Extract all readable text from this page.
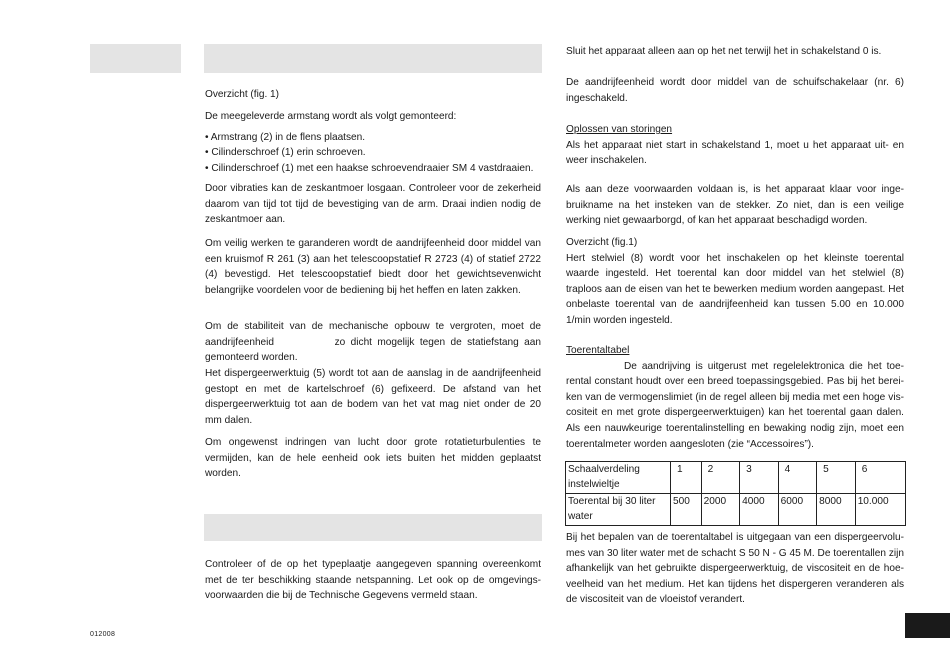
Overzicht (fig. 1)

De meegeleverde armstang wordt als volgt gemonteerd:

• Armstrang (2) in de flens plaatsen.

• Cilinderschroef (1) erin schroeven.

• Cilinderschroef (1) met een haakse schroevendraaier SM 4 vastdraaien.

Door vibraties kan de zeskantmoer losgaan. Controleer voor de zekerheid daarom van tijd tot tijd de bevestiging van de arm. Draai indien nodig de zeskantmoer aan.

Om veilig werken te garanderen wordt de aandrijfeenheid door middel van een kruismof R 261 (3) aan het telescoopstatief R 2723 (4) of statief 2722 (4) bevestigd. Het telescoopstatief biedt door het gewichtsevenwicht belangrijke voordelen voor de bediening bij het heffen en laten zakken.

Om de stabiliteit van de mechanische opbouw te vergroten, moet de aandrijfeenheid      	zo dicht mogelijk tegen de statiefstang aan gemonteerd worden.

Het dispergeerwerktuig (5) wordt tot aan de aanslag in de aandrijfeenheid gestopt en met de kartelschroef (6) gefixeerd. De afstand van het dispergeerwerktuig tot aan de bodem van het vat mag niet onder de 20 mm dalen.

Om ongewenst indringen van lucht door grote rotatieturbulenties te vermijden, kan de hele eenheid ook iets buiten het midden geplaatst worden.

Controleer of de op het typeplaatje aangegeven spanning overeenkomt met de ter beschikking staande netspanning. Let ook op de omgevings-voorwaarden die bij de Technische Gegevens vermeld staan.

Sluit het apparaat alleen aan op het net terwijl het in schakelstand 0 is.

De aandrijfeenheid wordt door middel van de schuifschakelaar (nr. 6) ingeschakeld.

Oplossen van storingen

Als het apparaat niet start in schakelstand 1, moet u het apparaat uit- en weer inschakelen.

Als aan deze voorwaarden voldaan is, is het apparaat klaar voor inge-bruikname na het insteken van de stekker. Zo niet, dan is een veilige werking niet gewaarborgd, of kan het apparaat beschadigd worden.

Overzicht (fig.1)

Hert stelwiel (8) wordt voor het inschakelen op het kleinste toerental waarde ingesteld. Het toerental kan door middel van het stelwiel (8) traploos aan de eisen van het te bewerken medium worden aangepast. Het onbelaste toerental van de aandrijfeenheid kan tussen 5.00 en 10.000 1/min worden ingesteld.

Toerentaltabel

De aandrijving is uitgerust met regelelektronica die het toe-rental constant houdt over een breed toepassingsgebied. Pas bij het berei-ken van de vermogenslimiet (in de regel alleen bij media met een hoge vis-cositeit en met grote dispergeerwerktuigen) kan het toerental gaan dalen. Als een nauwkeurige toerentalinstelling en bewaking nodig zijn, moet een toerentalmeter worden aangesloten (zie “Accessoires”).

Schaalverdeling instelwieltje	1	2	3	4	5	6
Toerental bij 30 liter water	500	2000	4000	6000	8000	10.000

Bij het bepalen van de toerentaltabel is uitgegaan van een dispergeervolu-mes van 30 liter water met de schacht S 50 N - G 45 M. De toerentallen zijn afhankelijk van het gebruikte dispergeerwerktuig, de viscositeit en de hoe-veelheid van het medium. Het kan tijdens het dispergeren veranderen als de viscositeit van de vloeistof verandert.

012008
